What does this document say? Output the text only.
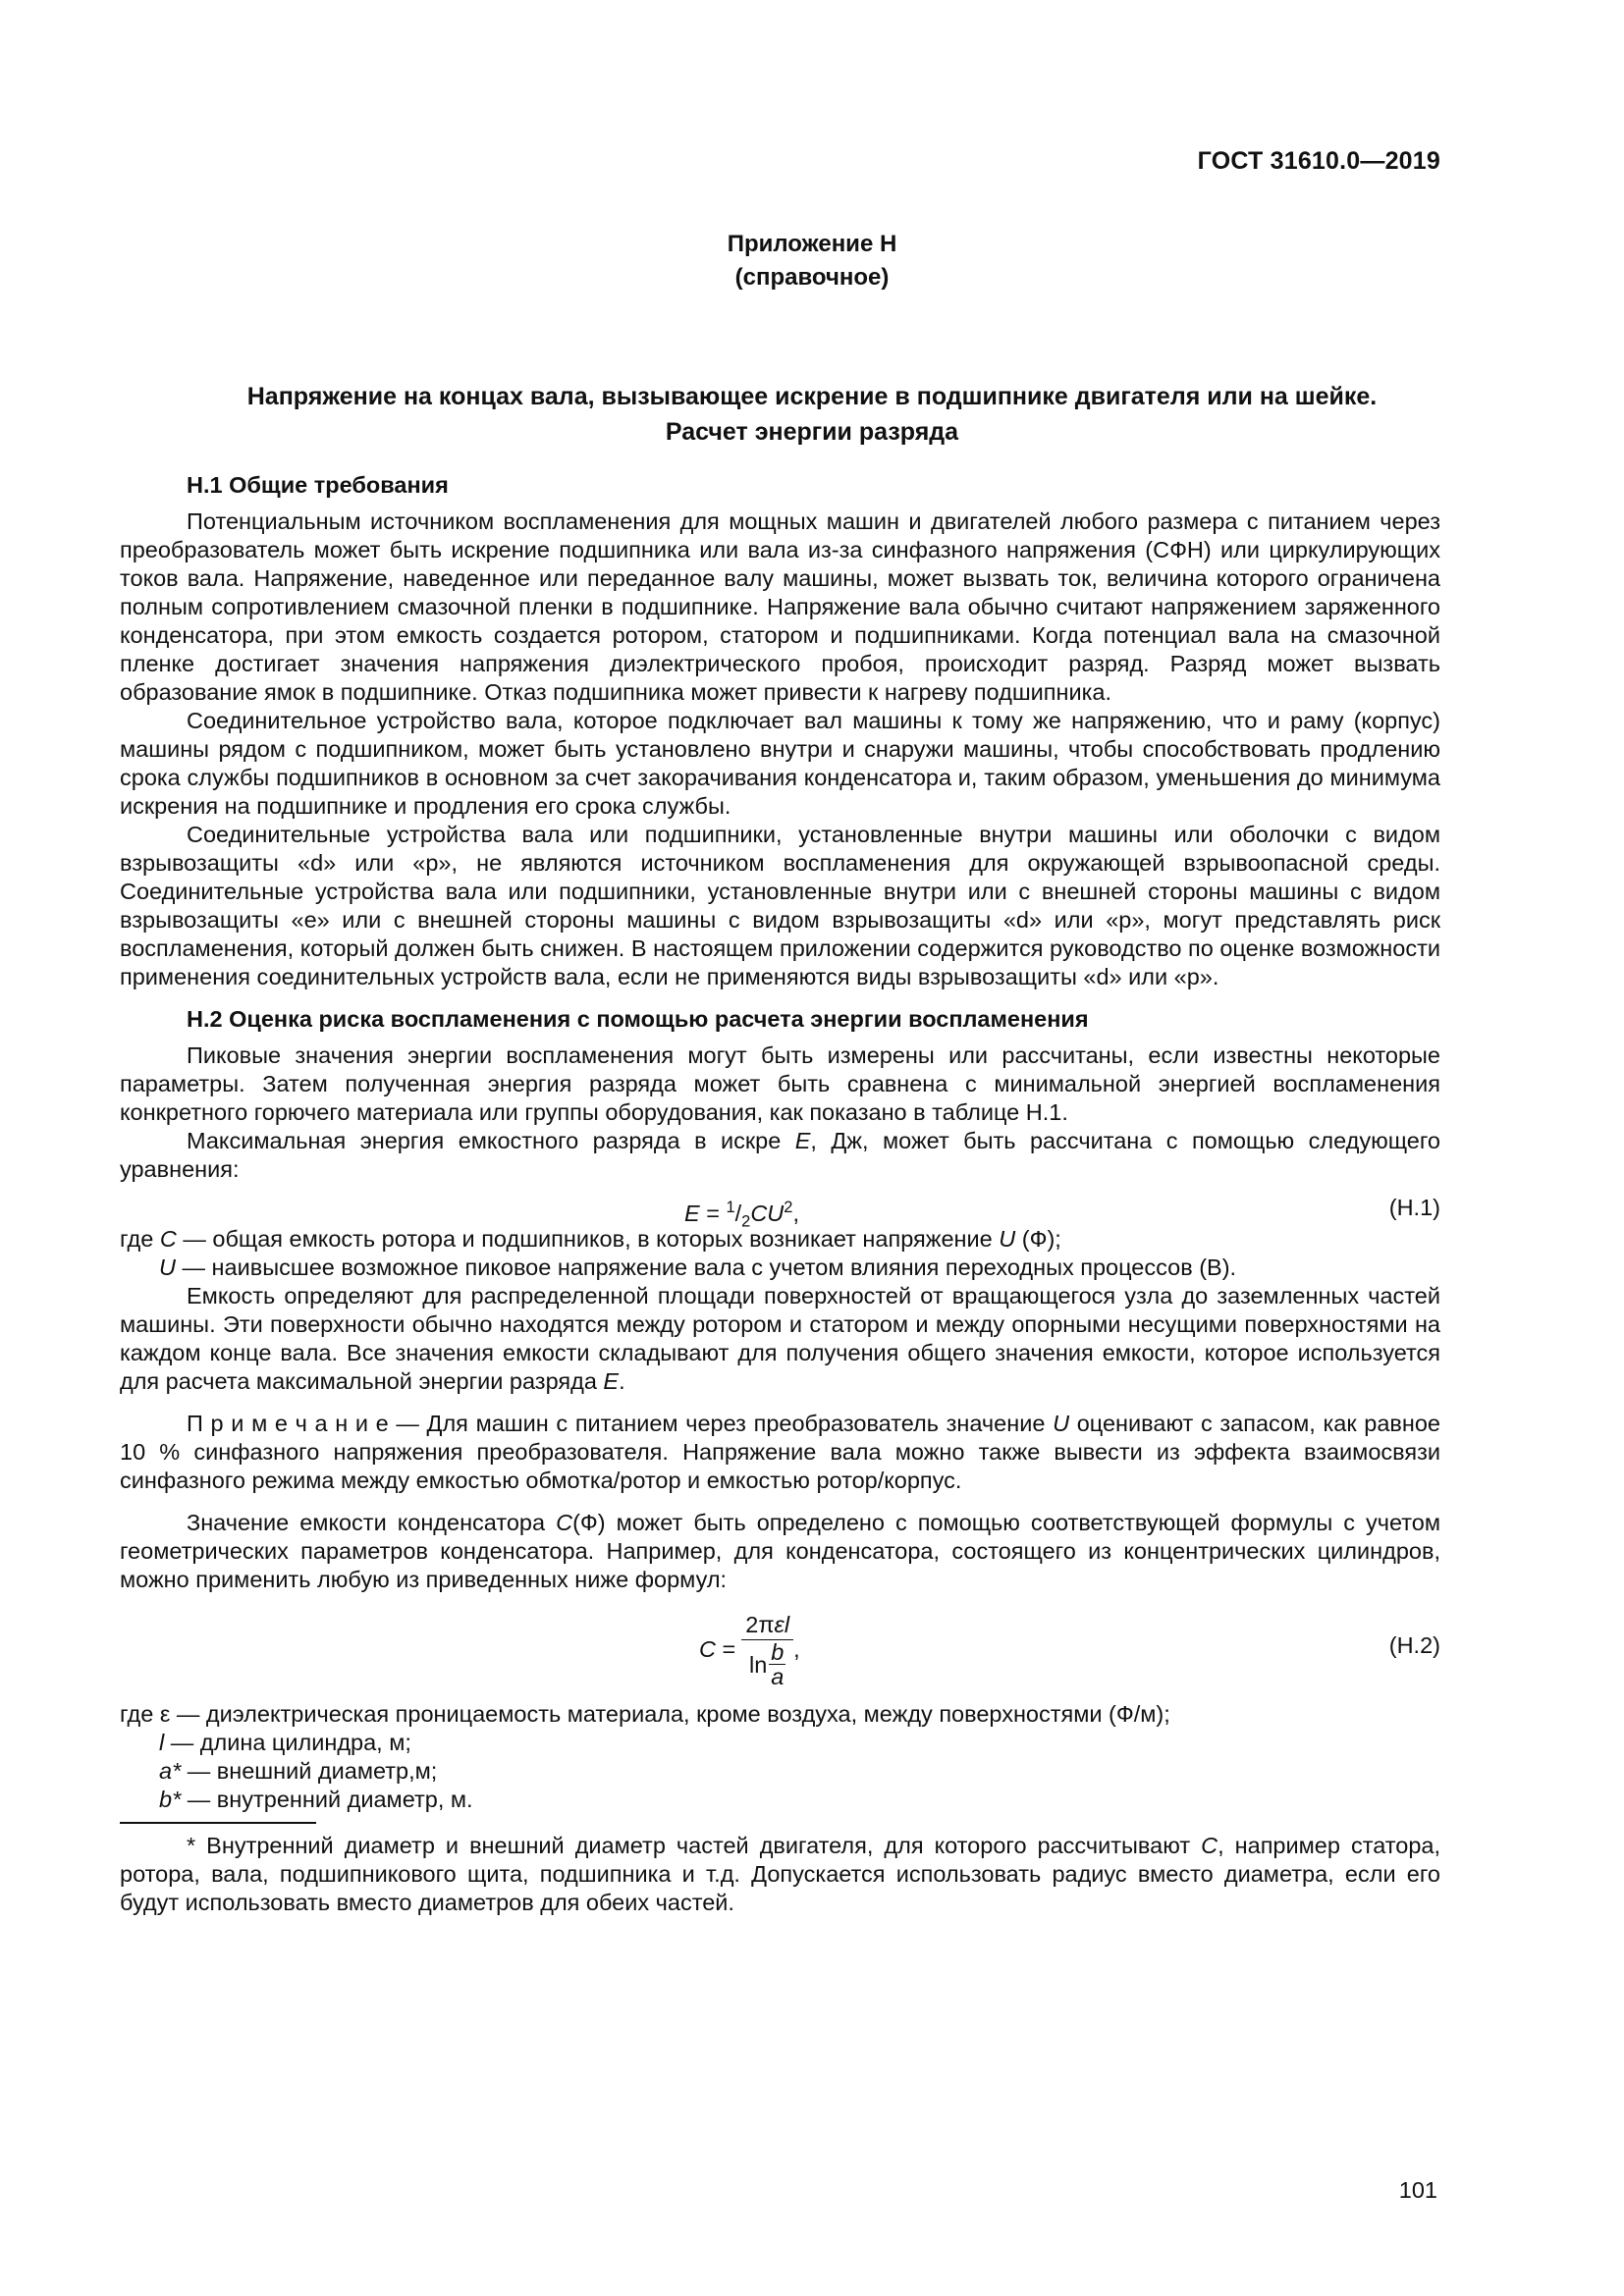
ГОСТ 31610.0—2019
Приложение Н
(справочное)
Напряжение на концах вала, вызывающее искрение в подшипнике двигателя или на шейке.
Расчет энергии разряда

Н.1 Общие требования

Потенциальным источником воспламенения для мощных машин и двигателей любого размера с питанием через преобразователь может быть искрение подшипника или вала из-за синфазного напряжения (СФН) или циркулирующих токов вала. Напряжение, наведенное или переданное валу машины, может вызвать ток, величина которого ограничена полным сопротивлением смазочной пленки в подшипнике. Напряжение вала обычно считают напряжением заряженного конденсатора, при этом емкость создается ротором, статором и подшипниками. Когда потенциал вала на смазочной пленке достигает значения напряжения диэлектрического пробоя, происходит разряд. Разряд может вызвать образование ямок в подшипнике. Отказ подшипника может привести к нагреву подшипника.

Соединительное устройство вала, которое подключает вал машины к тому же напряжению, что и раму (корпус) машины рядом с подшипником, может быть установлено внутри и снаружи машины, чтобы способствовать продлению срока службы подшипников в основном за счет закорачивания конденсатора и, таким образом, уменьшения до минимума искрения на подшипнике и продления его срока службы.

Соединительные устройства вала или подшипники, установленные внутри машины или оболочки с видом взрывозащиты «d» или «p», не являются источником воспламенения для окружающей взрывоопасной среды. Соединительные устройства вала или подшипники, установленные внутри или с внешней стороны машины с видом взрывозащиты «е» или с внешней стороны машины с видом взрывозащиты «d» или «p», могут представлять риск воспламенения, который должен быть снижен. В настоящем приложении содержится руководство по оценке возможности применения соединительных устройств вала, если не применяются виды взрывозащиты «d» или «p».

Н.2 Оценка риска воспламенения с помощью расчета энергии воспламенения

Пиковые значения энергии воспламенения могут быть измерены или рассчитаны, если известны некоторые параметры. Затем полученная энергия разряда может быть сравнена с минимальной энергией воспламенения конкретного горючего материала или группы оборудования, как показано в таблице Н.1.

Максимальная энергия емкостного разряда в искре E, Дж, может быть рассчитана с помощью следующего уравнения:

$E = ^1/_2CU^2$,	(Н.1)

где C — общая емкость ротора и подшипников, в которых возникает напряжение U (Ф);

U — наивысшее возможное пиковое напряжение вала с учетом влияния переходных процессов (В).

Емкость определяют для распределенной площади поверхностей от вращающегося узла до заземленных частей машины. Эти поверхности обычно находятся между ротором и статором и между опорными несущими поверхностями на каждом конце вала. Все значения емкости складывают для получения общего значения емкости, которое используется для расчета максимальной энергии разряда E.

П р и м е ч а н и е — Для машин с питанием через преобразователь значение U оценивают с запасом, как равное 10 % синфазного напряжения преобразователя. Напряжение вала можно также вывести из эффекта взаимосвязи синфазного режима между емкостью обмотка/ротор и емкостью ротор/корпус.

Значение емкости конденсатора C(Ф) может быть определено с помощью соответствующей формулы с учетом геометрических параметров конденсатора. Например, для конденсатора, состоящего из концентрических цилиндров, можно применить любую из приведенных ниже формул:

$C = \frac{\text{2πεl}}{\ln \frac{b}{a}}$ ,	(Н.2)

где ε — диэлектрическая проницаемость материала, кроме воздуха, между поверхностями (Ф/м);

l — длина цилиндра, м;

a* — внешний диаметр,м;

b* — внутренний диаметр, м.

* Внутренний диаметр и внешний диаметр частей двигателя, для которого рассчитывают C, например статора, ротора, вала, подшипникового щита, подшипника и т.д. Допускается использовать радиус вместо диаметра, если его будут использовать вместо диаметров для обеих частей.

101
